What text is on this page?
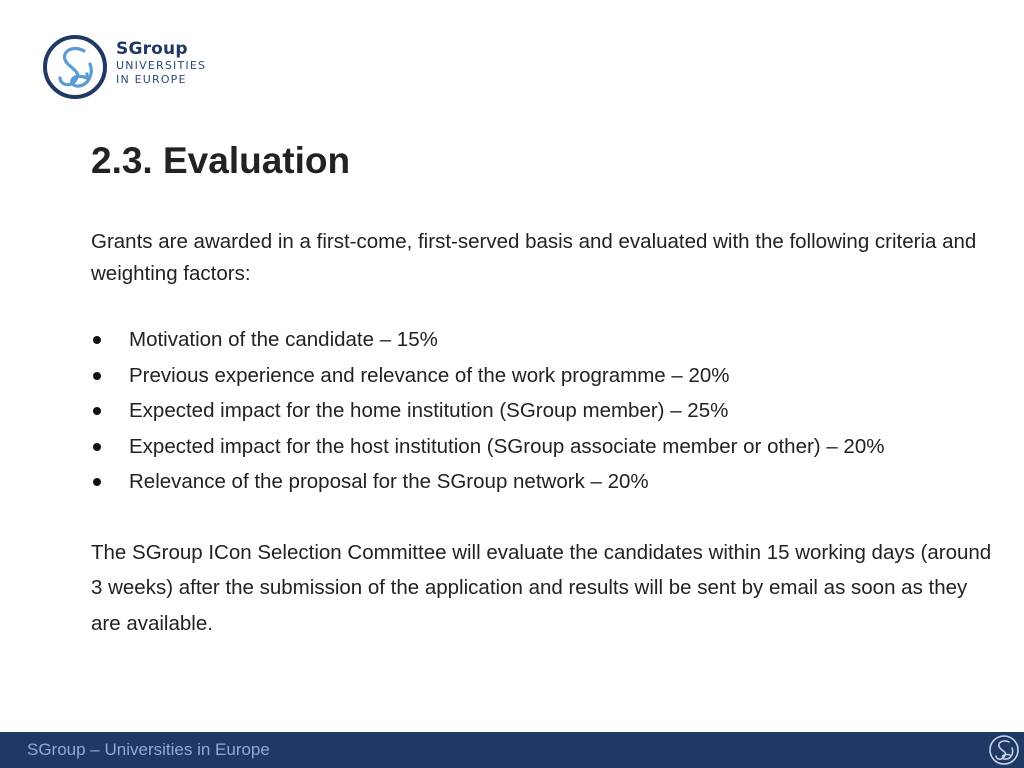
SGroup
UNIVERSITIES
IN EUROPE
2.3. Evaluation

Grants are awarded in a first-come, first-served basis and evaluated with the following criteria and weighting factors:

Motivation of the candidate – 15%
Previous experience and relevance of the work programme – 20%
Expected impact for the home institution (SGroup member) – 25%
Expected impact for the host institution (SGroup associate member or other) – 20%
Relevance of the proposal for the SGroup network – 20%

The SGroup ICon Selection Committee will evaluate the candidates within 15 working days (around 3 weeks) after the submission of the application and results will be sent by email as soon as they are available.

SGroup – Universities in Europe
